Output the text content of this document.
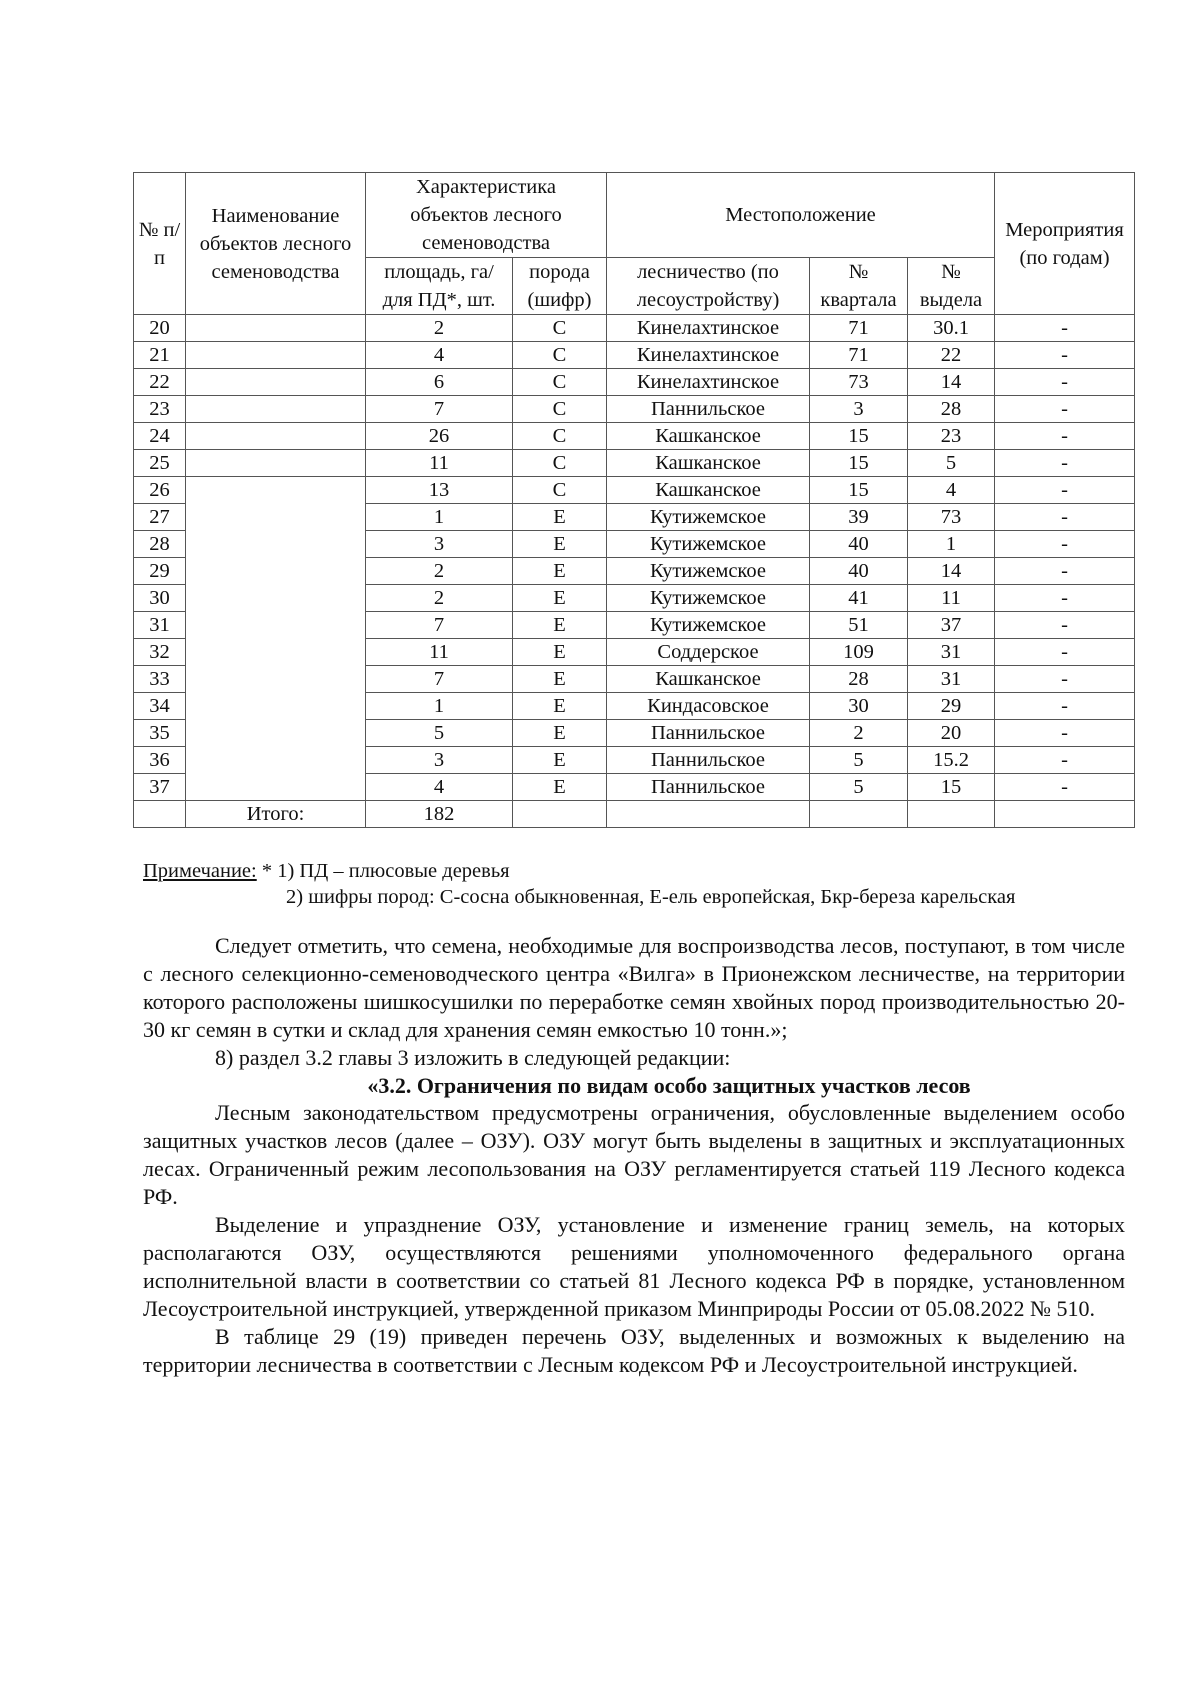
№ п/п	Наименование объектов лесного семеноводства	Характеристика объектов лесного семеноводства		Местоположение			Мероприятия (по годам)
		площадь, га/ для ПД*, шт.	порода (шифр)	лесничество (по лесоустройству)	№ квартала	№ выдела	
20		2	С	Кинелахтинское	71	30.1	-
21		4	С	Кинелахтинское	71	22	-
22		6	С	Кинелахтинское	73	14	-
23		7	С	Паннильское	3	28	-
24		26	С	Кашканское	15	23	-
25		11	С	Кашканское	15	5	-
26		13	С	Кашканское	15	4	-
27		1	Е	Кутижемское	39	73	-
28		3	Е	Кутижемское	40	1	-
29		2	Е	Кутижемское	40	14	-
30		2	Е	Кутижемское	41	11	-
31		7	Е	Кутижемское	51	37	-
32		11	Е	Соддерское	109	31	-
33		7	Е	Кашканское	28	31	-
34		1	Е	Киндасовское	30	29	-
35		5	Е	Паннильское	2	20	-
36		3	Е	Паннильское	5	15.2	-
37		4	Е	Паннильское	5	15	-
	Итого:	182					
Примечание: * 1) ПД – плюсовые деревья
2) шифры пород: С-сосна обыкновенная, Е-ель европейская, Бкр-береза карельская

Следует отметить, что семена, необходимые для воспроизводства лесов, поступают, в том числе с лесного селекционно-семеноводческого центра «Вилга» в Прионежском лесничестве, на территории которого расположены шишкосушилки по переработке семян хвойных пород производительностью 20-30 кг семян в сутки и склад для хранения семян емкостью 10 тонн.»;

8) раздел 3.2 главы 3 изложить в следующей редакции:

«3.2. Ограничения по видам особо защитных участков лесов

Лесным законодательством предусмотрены ограничения, обусловленные выделением особо защитных участков лесов (далее – ОЗУ). ОЗУ могут быть выделены в защитных и эксплуатационных лесах. Ограниченный режим лесопользования на ОЗУ регламентируется статьей 119 Лесного кодекса РФ.

Выделение и упразднение ОЗУ, установление и изменение границ земель, на которых располагаются ОЗУ, осуществляются решениями уполномоченного федерального органа исполнительной власти в соответствии со статьей 81 Лесного кодекса РФ в порядке, установленном Лесоустроительной инструкцией, утвержденной приказом Минприроды России от 05.08.2022 № 510.

В таблице 29 (19) приведен перечень ОЗУ, выделенных и возможных к выделению на территории лесничества в соответствии с Лесным кодексом РФ и Лесоустроительной инструкцией.
